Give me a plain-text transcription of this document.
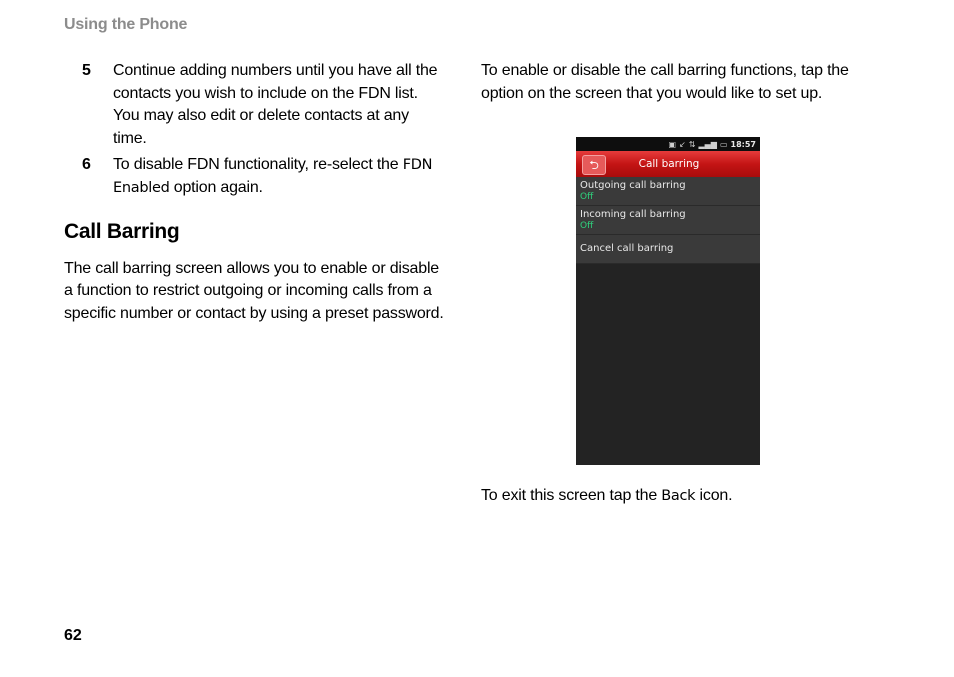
Using the Phone
5	Continue adding numbers until you have all the contacts you wish to include on the FDN list.
You may also edit or delete contacts at any time.
6	To disable FDN functionality, re-select the FDN Enabled option again.
Call Barring
The call barring screen allows you to enable or disable a function to restrict outgoing or incoming calls from a specific number or contact by using a preset password.
To enable or disable the call barring functions, tap the option on the screen that you would like to set up.
▣ ↙ ⇅ ▂▄▆ ▭ 18:57
⮌	Call barring
Outgoing call barring
Off
Incoming call barring
Off
Cancel call barring
To exit this screen tap the Back icon.
62
